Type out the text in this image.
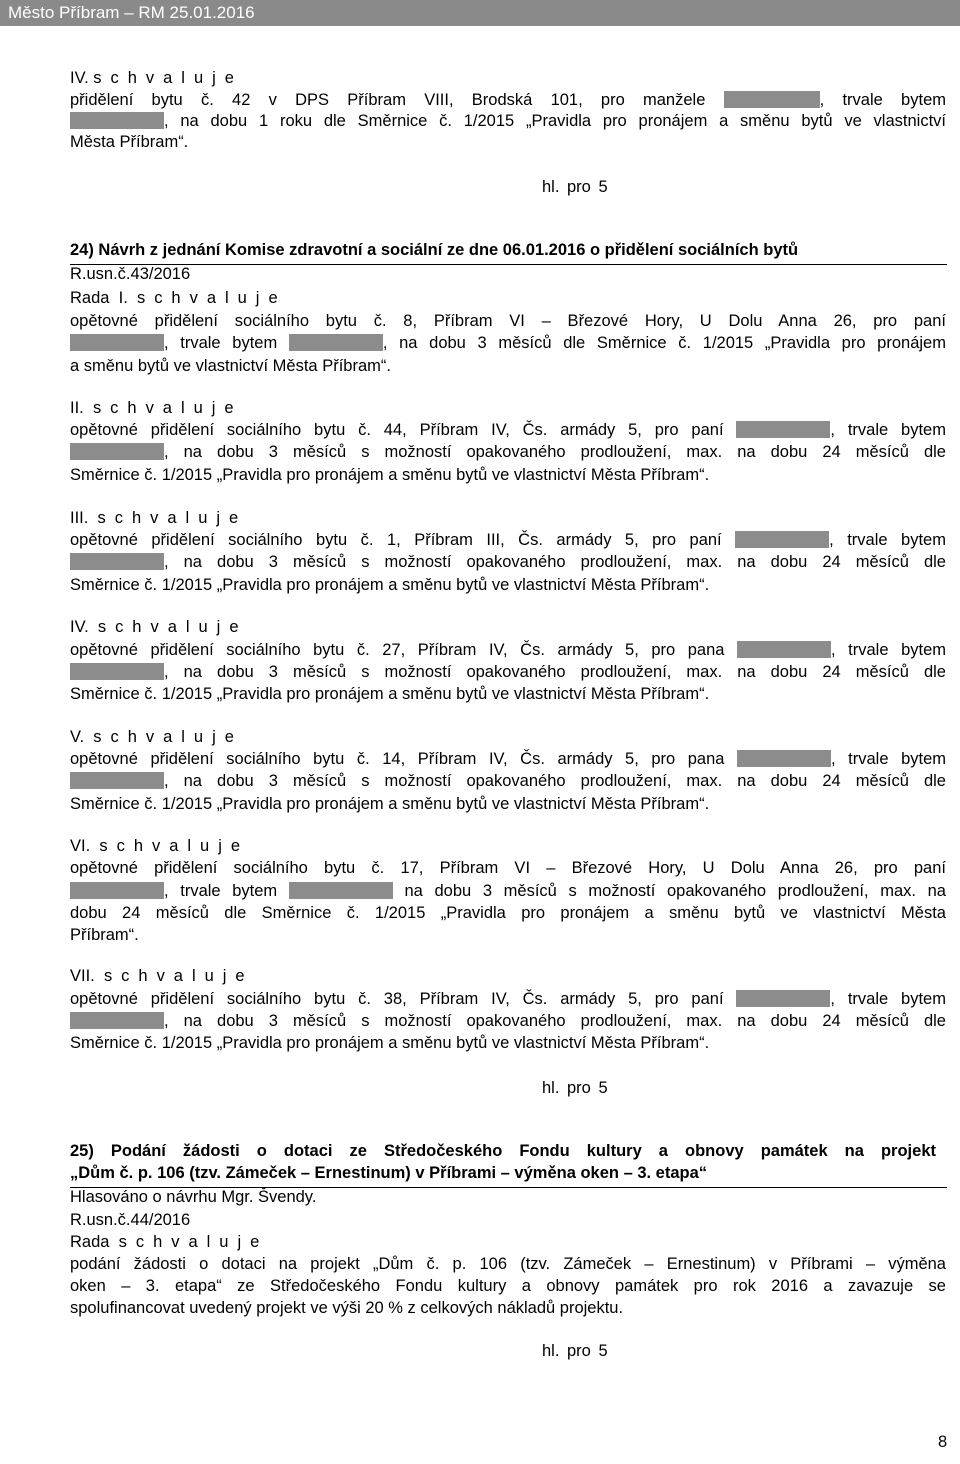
Město Příbram – RM 25.01.2016
IV. s c h v a l u j e
přidělení bytu č. 42 v DPS Příbram VIII, Brodská 101, pro manžele	, trvale bytem
, na dobu 1 roku dle Směrnice č. 1/2015 „Pravidla pro pronájem a směnu bytů ve vlastnictví
Města Příbram“.
hl. pro 5
24) Návrh z jednání Komise zdravotní a sociální ze dne 06.01.2016 o přidělení sociálních bytů
R.usn.č.43/2016
Rada I. s c h v a l u j e
opětovné přidělení sociálního bytu č. 8, Příbram VI – Březové Hory, U Dolu Anna 26, pro paní
, trvale bytem	, na dobu 3 měsíců dle Směrnice č. 1/2015 „Pravidla pro pronájem
a směnu bytů ve vlastnictví Města Příbram“.
II. s c h v a l u j e
opětovné přidělení sociálního bytu č. 44, Příbram IV, Čs. armády 5, pro paní	, trvale bytem
, na dobu 3 měsíců s možností opakovaného prodloužení, max. na dobu 24 měsíců dle
Směrnice č. 1/2015 „Pravidla pro pronájem a směnu bytů ve vlastnictví Města Příbram“.
III. s c h v a l u j e
opětovné přidělení sociálního bytu č. 1, Příbram III, Čs. armády 5, pro paní	, trvale bytem
, na dobu 3 měsíců s možností opakovaného prodloužení, max. na dobu 24 měsíců dle
Směrnice č. 1/2015 „Pravidla pro pronájem a směnu bytů ve vlastnictví Města Příbram“.
IV. s c h v a l u j e
opětovné přidělení sociálního bytu č. 27, Příbram IV, Čs. armády 5, pro pana	, trvale bytem
, na dobu 3 měsíců s možností opakovaného prodloužení, max. na dobu 24 měsíců dle
Směrnice č. 1/2015 „Pravidla pro pronájem a směnu bytů ve vlastnictví Města Příbram“.
V. s c h v a l u j e
opětovné přidělení sociálního bytu č. 14, Příbram IV, Čs. armády 5, pro pana	, trvale bytem
, na dobu 3 měsíců s možností opakovaného prodloužení, max. na dobu 24 měsíců dle
Směrnice č. 1/2015 „Pravidla pro pronájem a směnu bytů ve vlastnictví Města Příbram“.
VI. s c h v a l u j e
opětovné přidělení sociálního bytu č. 17, Příbram VI – Březové Hory, U Dolu Anna 26, pro paní
, trvale bytem	na dobu 3 měsíců s možností opakovaného prodloužení, max. na
dobu 24 měsíců dle Směrnice č. 1/2015 „Pravidla pro pronájem a směnu bytů ve vlastnictví Města
Příbram“.
VII. s c h v a l u j e
opětovné přidělení sociálního bytu č. 38, Příbram IV, Čs. armády 5, pro paní	, trvale bytem
, na dobu 3 měsíců s možností opakovaného prodloužení, max. na dobu 24 měsíců dle
Směrnice č. 1/2015 „Pravidla pro pronájem a směnu bytů ve vlastnictví Města Příbram“.
hl. pro 5
25) Podání žádosti o dotaci ze Středočeského Fondu kultury a obnovy památek na projekt
„Dům č. p. 106 (tzv. Zámeček – Ernestinum) v Příbrami – výměna oken – 3. etapa“
Hlasováno o návrhu Mgr. Švendy.
R.usn.č.44/2016
Rada s c h v a l u j e
podání žádosti o dotaci na projekt „Dům č. p. 106 (tzv. Zámeček – Ernestinum) v Příbrami – výměna
oken – 3. etapa“ ze Středočeského Fondu kultury a obnovy památek pro rok 2016 a zavazuje se
spolufinancovat uvedený projekt ve výši 20 % z celkových nákladů projektu.
hl. pro 5
8
